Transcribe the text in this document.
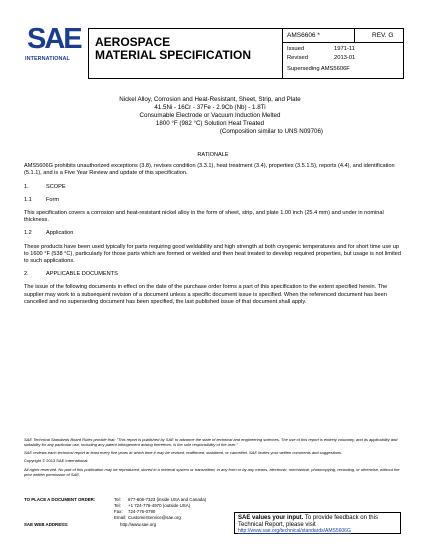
SAE
INTERNATIONAL
AEROSPACE
MATERIAL SPECIFICATION
AMS6606 *	REV. G
Issued	1971-11
Revised	2013-01
Superseding AMS5606F
Nickel Alloy, Corrosion and Heat-Resistant, Sheet, Strip, and Plate
41.5Ni - 16Cr - 37Fe - 2.9Cb (Nb) - 1.8Ti
Consumable Electrode or Vacuum Induction Melted
1800 °F (982 °C) Solution Heat Treated
(Composition similar to UNS N09706)
RATIONALE
AMS5606G prohibits unauthorized exceptions (3.8), revises condition (3.3.1), heat treatment (3.4), properties (3.5.1.5), reports (4.4), and identification (5.1.1), and is a Five Year Review and update of this specification.
1.	SCOPE
1.1	Form
This specification covers a corrosion and heat-resistant nickel alloy in the form of sheet, strip, and plate 1.00 inch (25.4 mm) and under in nominal thickness.
1.2	Application
These products have been used typically for parts requiring good weldability and high strength at both cryogenic temperatures and for short time use up to 1600 °F (538 °C), particularly for those parts which are formed or welded and then heat treated to develop required properties, but usage is not limited to such applications.
2.	APPLICABLE DOCUMENTS
The issue of the following documents in effect on the date of the purchase order forms a part of this specification to the extent specified herein. The supplier may work to a subsequent revision of a document unless a specific document issue is specified. When the referenced document has been cancelled and no superseding document has been specified, the last published issue of that document shall apply.
SAE Technical Standards Board Rules provide that: "This report is published by SAE to advance the state of technical and engineering sciences. The use of this report is entirely voluntary, and its applicability and suitability for any particular use, including any patent infringement arising therefrom, is the sole responsibility of the user."
SAE reviews each technical report at least every five years at which time it may be revised, reaffirmed, stabilized, or cancelled. SAE invites your written comments and suggestions.
Copyright © 2013 SAE International
All rights reserved. No part of this publication may be reproduced, stored in a retrieval system or transmitted, in any form or by any means, electronic, mechanical, photocopying, recording, or otherwise, without the prior written permission of SAE.
TO PLACE A DOCUMENT ORDER:	Tel: 877-606-7323 (inside USA and Canada)
Tel: +1 724-776-4970 (outside USA)
Fax: 724-776-0790
Email: CustomerService@sae.org
SAE WEB ADDRESS:	http://www.sae.org
SAE values your input. To provide feedback on this Technical Report, please visit
http://www.sae.org/technical/standards/AMS5606G
